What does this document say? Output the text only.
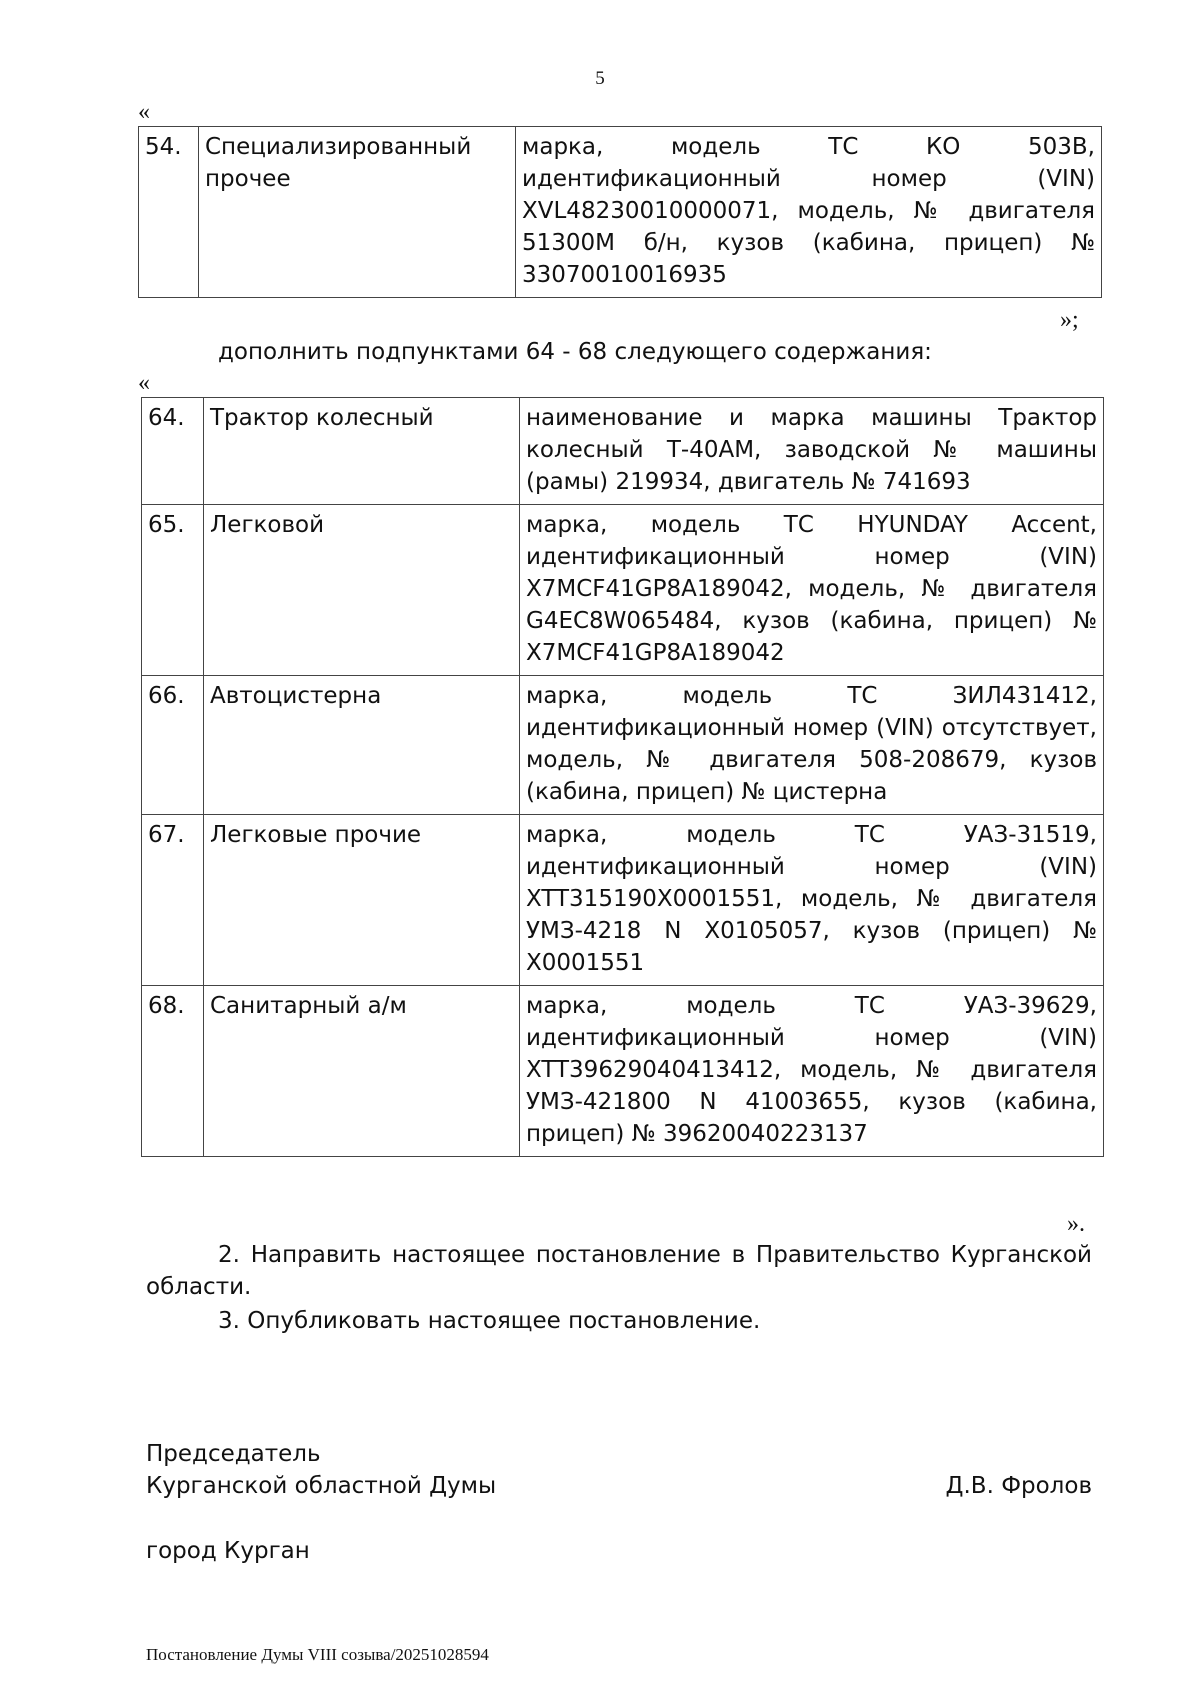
5
«
54.	Специализированный прочее	марка, модель ТС КО 503В, идентификационный номер (VIN) XVL48230010000071, модель, № двигателя 51300М б/н, кузов (кабина, прицеп) № 33070010016935
»;
дополнить подпунктами 64 - 68 следующего содержания:
«
64.	Трактор колесный	наименование и марка машины Трактор колесный Т-40АМ, заводской № машины (рамы) 219934, двигатель № 741693
65.	Легковой	марка, модель ТС HYUNDAY Accent, идентификационный номер (VIN) X7MCF41GP8A189042, модель, № двигателя G4EC8W065484, кузов (кабина, прицеп) № X7MCF41GP8A189042
66.	Автоцистерна	марка, модель ТС ЗИЛ431412, идентификационный номер (VIN) отсутствует, модель, № двигателя 508-208679, кузов (кабина, прицеп) № цистерна
67.	Легковые прочие	марка, модель ТС УАЗ-31519, идентификационный номер (VIN) XTT315190X0001551, модель, № двигателя УМЗ-4218 N X0105057, кузов (прицеп) № X0001551
68.	Санитарный а/м	марка, модель ТС УАЗ-39629, идентификационный номер (VIN) XTT39629040413412, модель, № двигателя УМЗ-421800 N 41003655, кузов (кабина, прицеп) № 39620040223137
».
2. Направить настоящее постановление в Правительство Курганской области.
3. Опубликовать настоящее постановление.
Председатель
Курганской областной Думы	Д.В. Фролов
город Курган
Постановление Думы VIII созыва/20251028594
